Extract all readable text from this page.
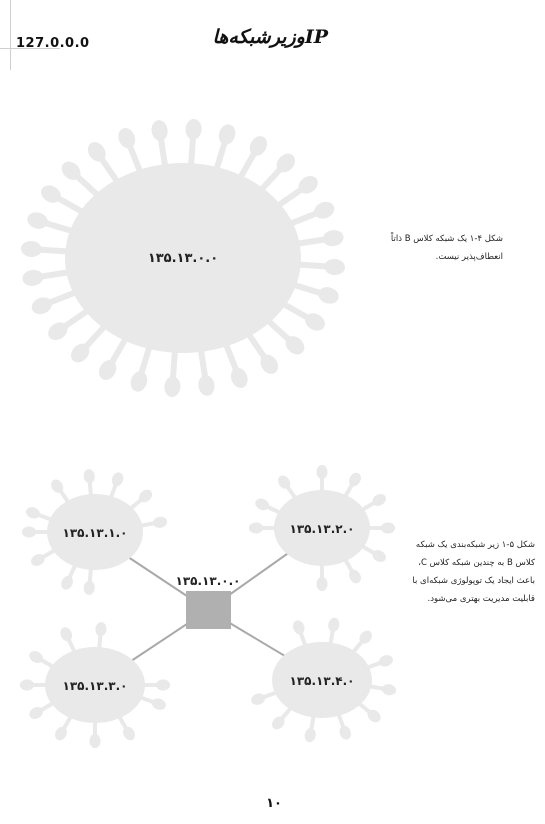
127.0.0.0	IPوزیرشبکه‌ها
۱۳۵.۱۳.۰.۰
۱۳۵.۱۳.۱.۰	۱۳۵.۱۳.۲.۰
۱۳۵.۱۳.۳.۰	۱۳۵.۱۳.۴.۰
۱۳۵.۱۳.۰.۰
شکل ۴-۱ یک شبکه کلاس B ذاتاً
انعطاف‌پذیر نیست.
شکل ۵-۱ زیر شبکه‌بندی یک شبکه
کلاس B به چندین شبکه کلاس C،
باعث ایجاد یک توپولوژی شبکه‌ای با
قابلیت مدیریت بهتری می‌شود.
۱۰
